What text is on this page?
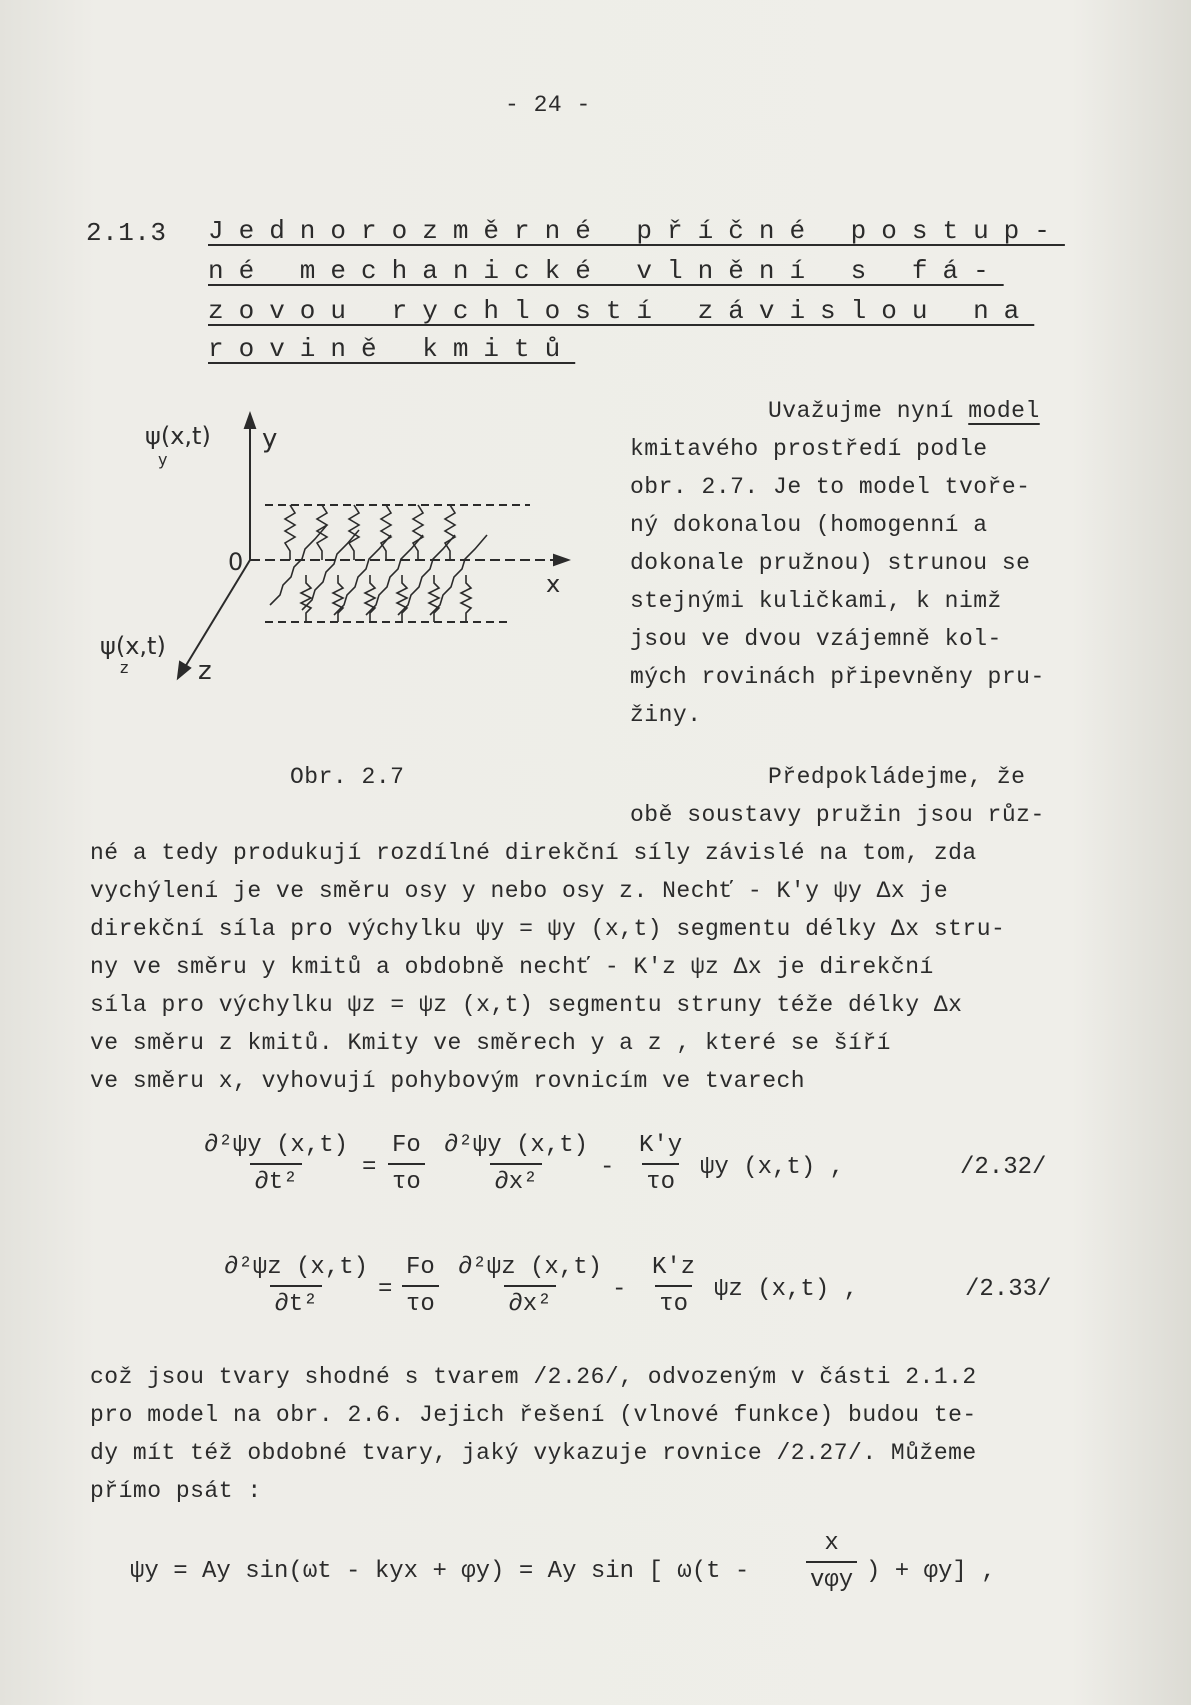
- 24 -
2.1.3 Jednorozměrné příčné postup-
né mechanické vlnění s fá-
zovou rychlostí závislou na
rovině kmitů
ψ(x,t)
y
y
0
x
ψ(x,t)
z	z
Uvažujme nyní model
kmitavého prostředí podle
obr. 2.7. Je to model tvoře-
ný dokonalou (homogenní a
dokonale pružnou) strunou se
stejnými kuličkami, k nimž
jsou ve dvou vzájemně kol-
mých rovinách připevněny pru-
žiny.
Obr. 2.7	Předpokládejme, že
obě soustavy pružin jsou růz-
né a tedy produkují rozdílné direkční síly závislé na tom, zda
vychýlení je ve směru osy y nebo osy z. Nechť - K′y ψy Δx je
direkční síla pro výchylku ψy = ψy (x,t) segmentu délky Δx stru-
ny ve směru y kmitů a obdobně nechť - K′z ψz Δx je direkční
síla pro výchylku ψz = ψz (x,t) segmentu struny téže délky Δx
ve směru z kmitů. Kmity ve směrech y a z , které se šíří
ve směru x, vyhovují pohybovým rovnicím ve tvarech
$\frac{\text{∂²ψy (x,t)}}{\text{∂t²}} = \frac{Fo}{\tau o} \frac{\text{∂²ψy (x,t)}}{\text{∂x²}} - \frac{K'y}{\tau o}$ ψy (x,t) ,	/2.32/
$\frac{\text{∂²ψz (x,t)}}{\text{∂t²}} = \frac{Fo}{\tau o} \frac{\text{∂²ψz (x,t)}}{\text{∂x²}} - \frac{K'z}{\tau o}$ ψz (x,t) ,	/2.33/
což jsou tvary shodné s tvarem /2.26/, odvozeným v části 2.1.2
pro model na obr. 2.6. Jejich řešení (vlnové funkce) budou te-
dy mít též obdobné tvary, jaký vykazuje rovnice /2.27/. Můžeme
přímo psát :
ψy = Ay sin(ωt - kyx + φy) = Ay sin [ ω(t -
x
vφy ) + φy] ,
